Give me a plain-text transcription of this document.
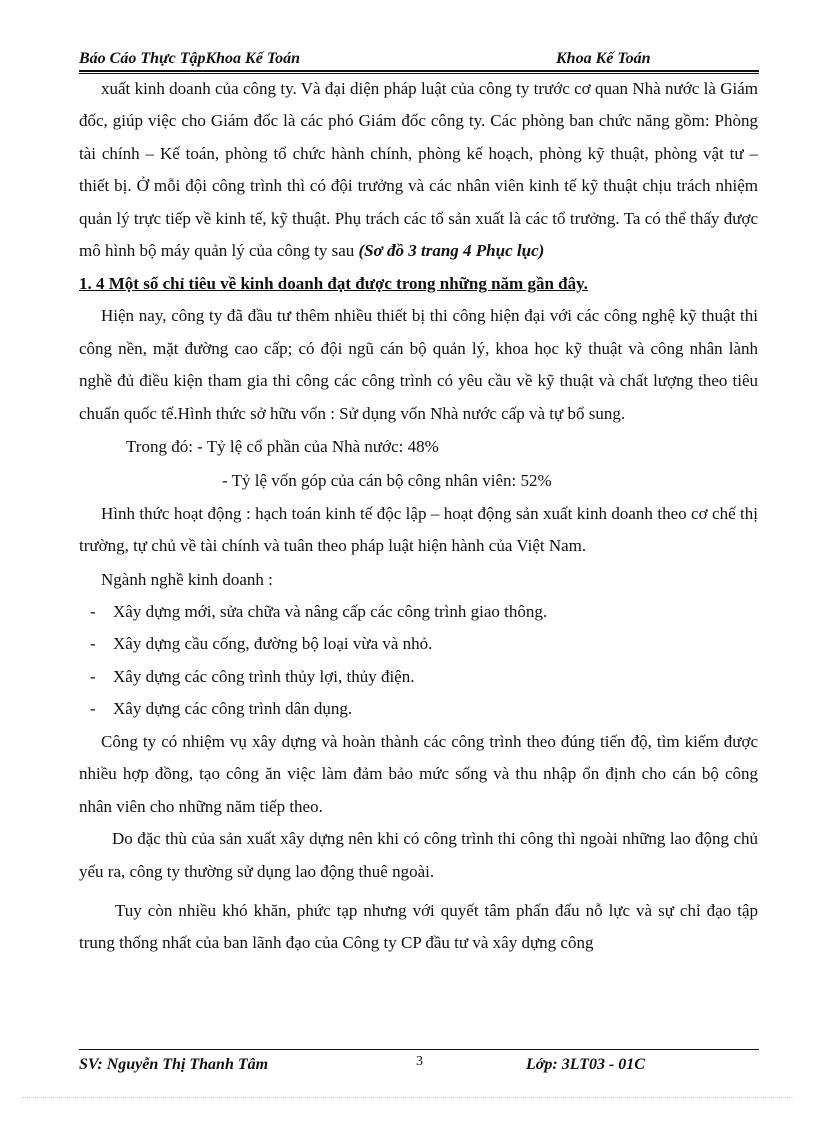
Báo Cáo Thực TậpKhoa Kế Toán	Khoa Kế Toán

xuất kinh doanh của công ty. Và đại diện pháp luật của công ty trước cơ quan Nhà nước là Giám đốc, giúp việc cho Giám đốc là các phó Giám đốc công ty. Các phòng ban chức năng gồm: Phòng tài chính – Kế toán, phòng tổ chức hành chính, phòng kế hoạch, phòng kỹ thuật, phòng vật tư – thiết bị. Ở mỗi đội công trình thì có đội trưởng và các nhân viên kinh tế kỹ thuật chịu trách nhiệm quản lý trực tiếp về kinh tế, kỹ thuật. Phụ trách các tổ sản xuất là các tổ trưởng. Ta có thể thấy được mô hình bộ máy quản lý của công ty sau (Sơ đồ 3 trang 4 Phục lục)

1. 4 Một số chỉ tiêu về kinh doanh đạt được trong những năm gần đây.

Hiện nay, công ty đã đầu tư thêm nhiều thiết bị thi công hiện đại với các công nghệ kỹ thuật thi công nền, mặt đường cao cấp; có đội ngũ cán bộ quản lý, khoa học kỹ thuật và công nhân lành nghề đủ điều kiện tham gia thi công các công trình có yêu cầu về kỹ thuật và chất lượng theo tiêu chuẩn quốc tế.Hình thức sở hữu vốn : Sử dụng vốn Nhà nước cấp và tự bổ sung.

Trong đó: - Tỷ lệ cổ phần của Nhà nước: 48%

- Tỷ lệ vốn góp của cán bộ công nhân viên: 52%

Hình thức hoạt động : hạch toán kinh tế độc lập – hoạt động sản xuất kinh doanh theo cơ chế thị trường, tự chủ về tài chính và tuân theo pháp luật hiện hành của Việt Nam.

Ngành nghề kinh doanh :

- Xây dựng mới, sửa chữa và nâng cấp các công trình giao thông.
- Xây dựng cầu cống, đường bộ loại vừa và nhỏ.
- Xây dựng các công trình thủy lợi, thủy điện.
- Xây dựng các công trình dân dụng.

Công ty có nhiệm vụ xây dựng và hoàn thành các công trình theo đúng tiến độ, tìm kiếm được nhiều hợp đồng, tạo công ăn việc làm đảm bảo mức sống và thu nhập ổn định cho cán bộ công nhân viên cho những năm tiếp theo.

Do đặc thù của sản xuất xây dựng nên khi có công trình thi công thì ngoài những lao động chủ yếu ra, công ty thường sử dụng lao động thuê ngoài.

Tuy còn nhiều khó khăn, phức tạp nhưng với quyết tâm phấn đấu nỗ lực và sự chỉ đạo tập trung thống nhất của ban lãnh đạo của Công ty CP đầu tư và xây dựng công

SV: Nguyễn Thị Thanh Tâm	3	Lớp: 3LT03 - 01C
